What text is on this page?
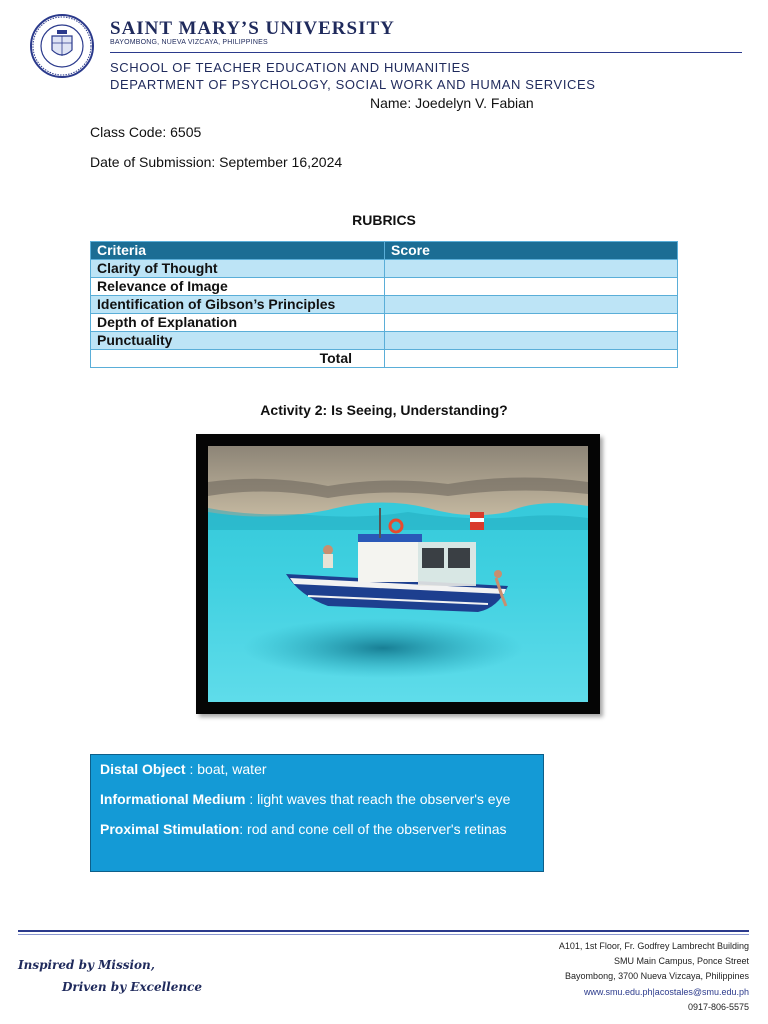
SAINT MARY’S UNIVERSITY
BAYOMBONG, NUEVA VIZCAYA, PHILIPPINES
SCHOOL OF TEACHER EDUCATION AND HUMANITIES
DEPARTMENT OF PSYCHOLOGY, SOCIAL WORK AND HUMAN SERVICES
Name: Joedelyn V. Fabian
Class Code: 6505
Date of Submission: September 16,2024
RUBRICS
Criteria	Score
Clarity of Thought	
Relevance of Image	
Identification of Gibson’s Principles	
Depth of Explanation	
Punctuality	
Total	
Activity 2: Is Seeing, Understanding?

Distal Object : boat, water

Informational Medium : light waves that reach the observer's eye

Proximal Stimulation: rod and cone cell of the observer's retinas

Inspired by Mission,
Driven by Excellence
A101, 1st Floor, Fr. Godfrey Lambrecht Building
SMU Main Campus, Ponce Street
Bayombong, 3700 Nueva Vizcaya, Philippines
www.smu.edu.ph|acostales@smu.edu.ph
0917-806-5575
